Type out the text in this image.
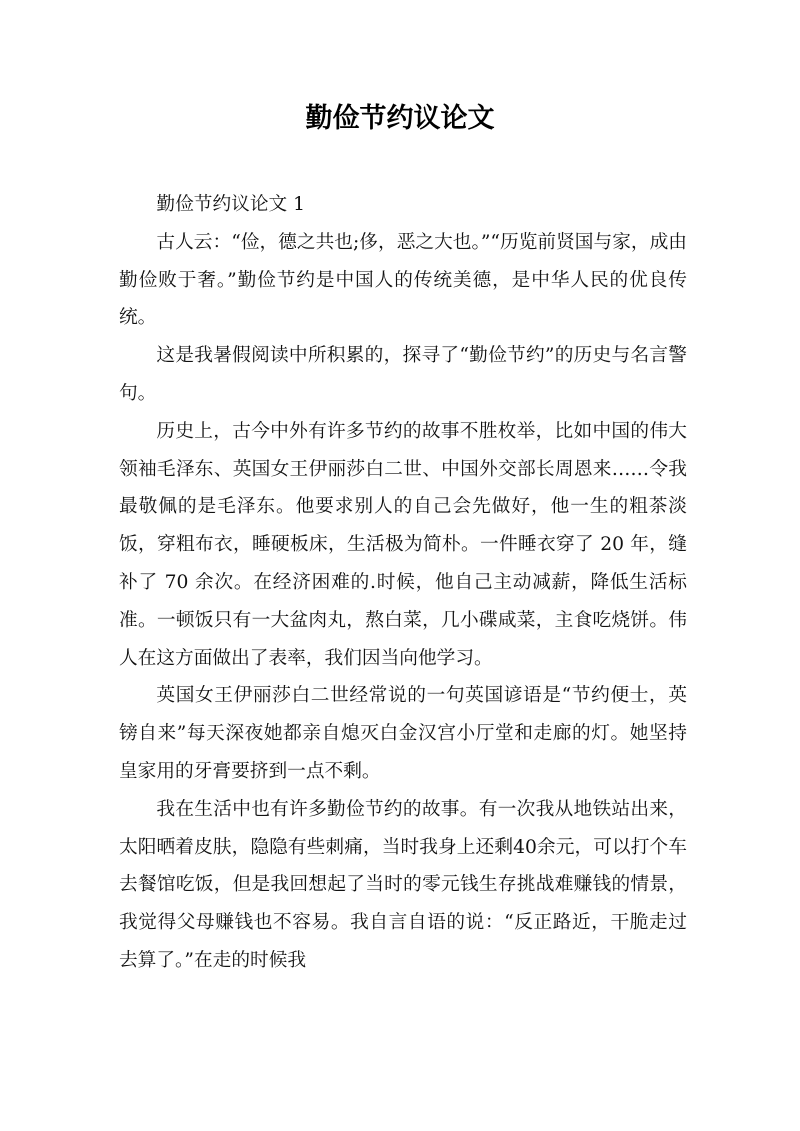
勤俭节约议论文

勤俭节约议论文 1

古人云：“俭，德之共也;侈，恶之大也。”“历览前贤国与家，成由勤俭败于奢。”勤俭节约是中国人的传统美德，是中华人民的优良传统。

这是我暑假阅读中所积累的，探寻了“勤俭节约”的历史与名言警句。

历史上，古今中外有许多节约的故事不胜枚举，比如中国的伟大领袖毛泽东、英国女王伊丽莎白二世、中国外交部长周恩来……令我最敬佩的是毛泽东。他要求别人的自己会先做好，他一生的粗茶淡饭，穿粗布衣，睡硬板床，生活极为简朴。一件睡衣穿了 20 年，缝补了 70 余次。在经济困难的.时候，他自己主动减薪，降低生活标准。一顿饭只有一大盆肉丸，熬白菜，几小碟咸菜，主食吃烧饼。伟人在这方面做出了表率，我们因当向他学习。

英国女王伊丽莎白二世经常说的一句英国谚语是“节约便士，英镑自来”每天深夜她都亲自熄灭白金汉宫小厅堂和走廊的灯。她坚持皇家用的牙膏要挤到一点不剩。

我在生活中也有许多勤俭节约的故事。有一次我从地铁站出来，太阳晒着皮肤，隐隐有些刺痛，当时我身上还剩40余元，可以打个车去餐馆吃饭，但是我回想起了当时的零元钱生存挑战难赚钱的情景，我觉得父母赚钱也不容易。我自言自语的说：“反正路近，干脆走过去算了。”在走的时候我
